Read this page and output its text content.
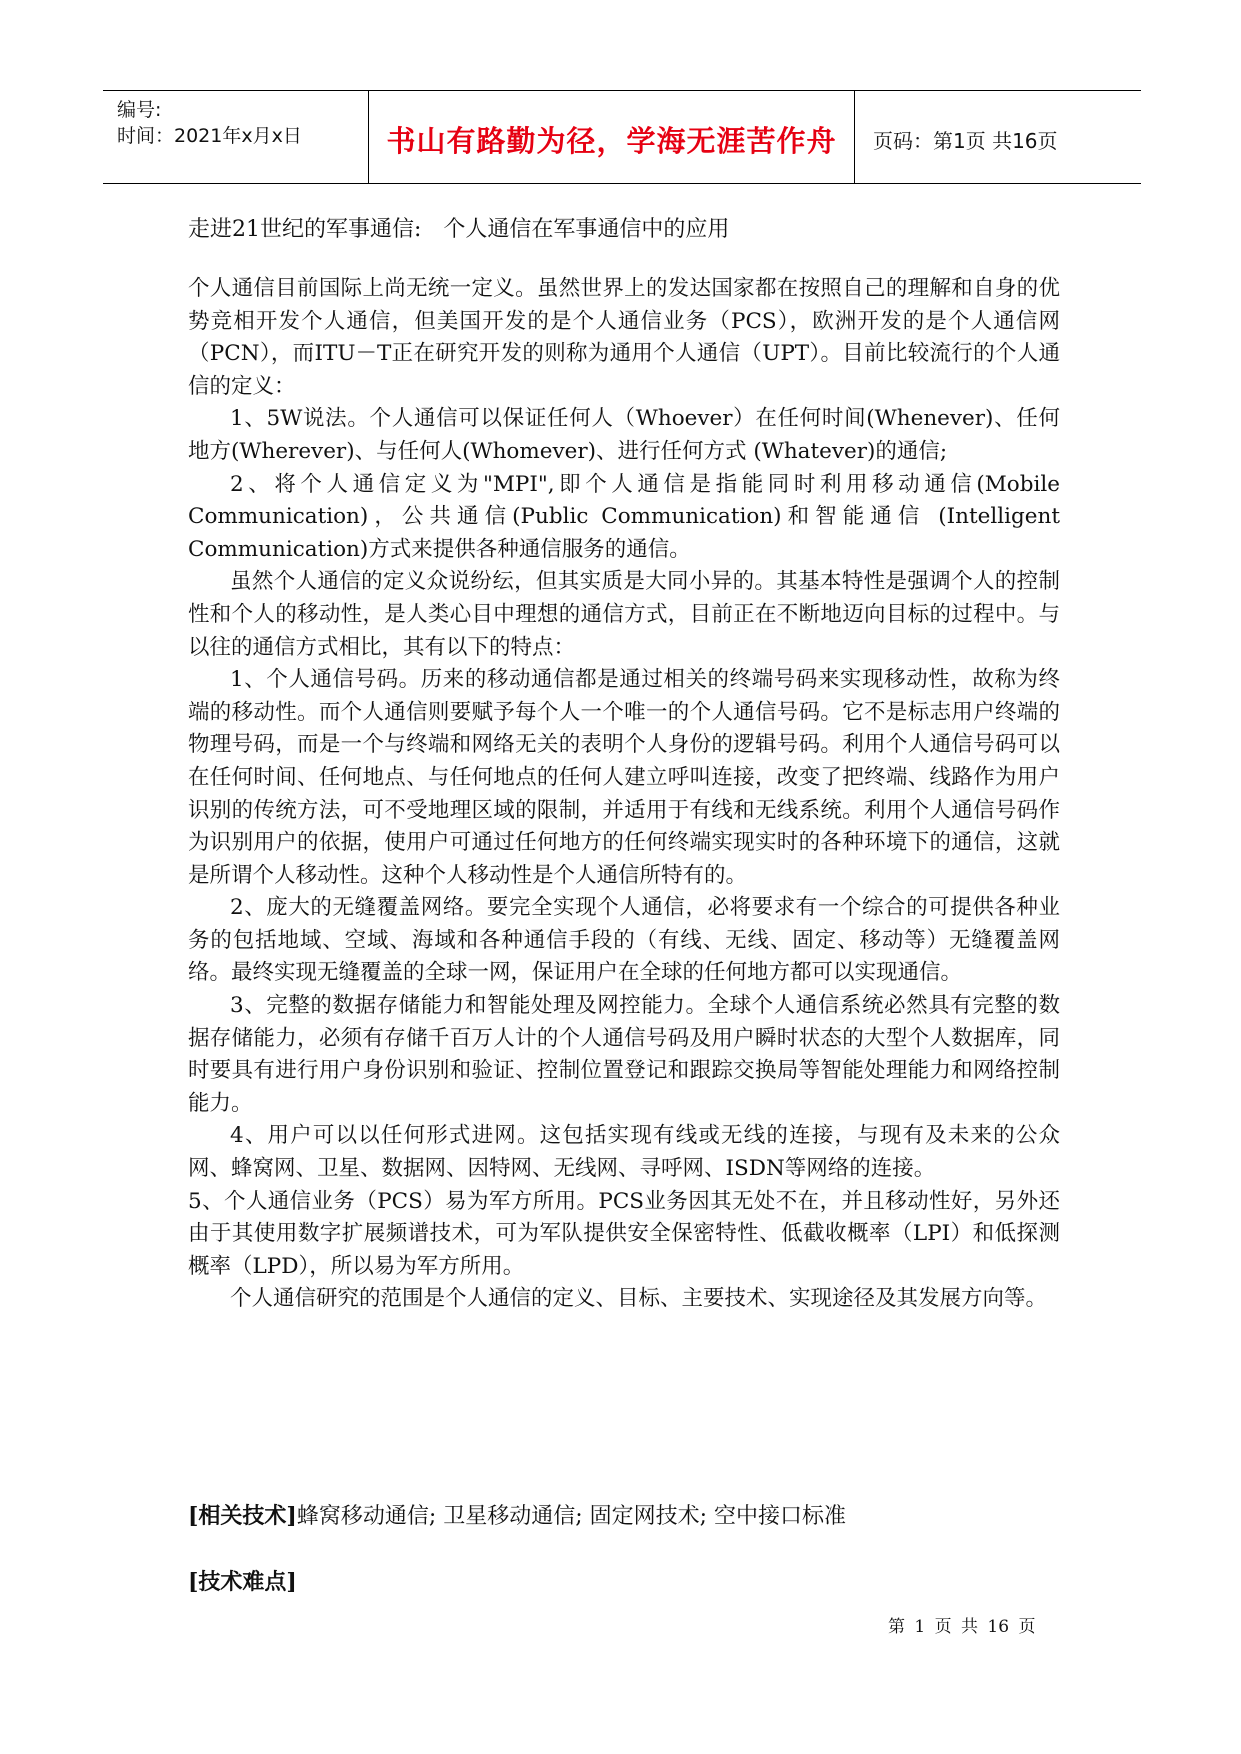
编号:
时间：2021年x月x日	书山有路勤为径，学海无涯苦作舟	页码：第1页 共16页
走进21世纪的军事通信: 个人通信在军事通信中的应用

个人通信目前国际上尚无统一定义。虽然世界上的发达国家都在按照自己的理解和自身的优势竞相开发个人通信，但美国开发的是个人通信业务（PCS），欧洲开发的是个人通信网（PCN），而ITU－T正在研究开发的则称为通用个人通信（UPT）。目前比较流行的个人通信的定义：

1、5W说法。个人通信可以保证任何人（Whoever）在任何时间(Whenever)、任何地方(Wherever)、与任何人(Whomever)、进行任何方式 (Whatever)的通信;

2、将个人通信定义为"MPI",即个人通信是指能同时利用移动通信(Mobile Communication)，公共通信(Public Communication)和智能通信 (Intelligent Communication)方式来提供各种通信服务的通信。

虽然个人通信的定义众说纷纭，但其实质是大同小异的。其基本特性是强调个人的控制性和个人的移动性，是人类心目中理想的通信方式，目前正在不断地迈向目标的过程中。与以往的通信方式相比，其有以下的特点：

1、个人通信号码。历来的移动通信都是通过相关的终端号码来实现移动性，故称为终端的移动性。而个人通信则要赋予每个人一个唯一的个人通信号码。它不是标志用户终端的物理号码，而是一个与终端和网络无关的表明个人身份的逻辑号码。利用个人通信号码可以在任何时间、任何地点、与任何地点的任何人建立呼叫连接，改变了把终端、线路作为用户识别的传统方法，可不受地理区域的限制，并适用于有线和无线系统。利用个人通信号码作为识别用户的依据，使用户可通过任何地方的任何终端实现实时的各种环境下的通信，这就是所谓个人移动性。这种个人移动性是个人通信所特有的。

2、庞大的无缝覆盖网络。要完全实现个人通信，必将要求有一个综合的可提供各种业务的包括地域、空域、海域和各种通信手段的（有线、无线、固定、移动等）无缝覆盖网络。最终实现无缝覆盖的全球一网，保证用户在全球的任何地方都可以实现通信。

3、完整的数据存储能力和智能处理及网控能力。全球个人通信系统必然具有完整的数据存储能力，必须有存储千百万人计的个人通信号码及用户瞬时状态的大型个人数据库，同时要具有进行用户身份识别和验证、控制位置登记和跟踪交换局等智能处理能力和网络控制能力。

4、用户可以以任何形式进网。这包括实现有线或无线的连接，与现有及未来的公众网、蜂窝网、卫星、数据网、因特网、无线网、寻呼网、ISDN等网络的连接。

5、个人通信业务（PCS）易为军方所用。PCS业务因其无处不在，并且移动性好，另外还由于其使用数字扩展频谱技术，可为军队提供安全保密特性、低截收概率（LPI）和低探测概率（LPD），所以易为军方所用。

个人通信研究的范围是个人通信的定义、目标、主要技术、实现途径及其发展方向等。

[相关技术]蜂窝移动通信; 卫星移动通信; 固定网技术; 空中接口标准
[技术难点]
第 1 页 共 16 页
